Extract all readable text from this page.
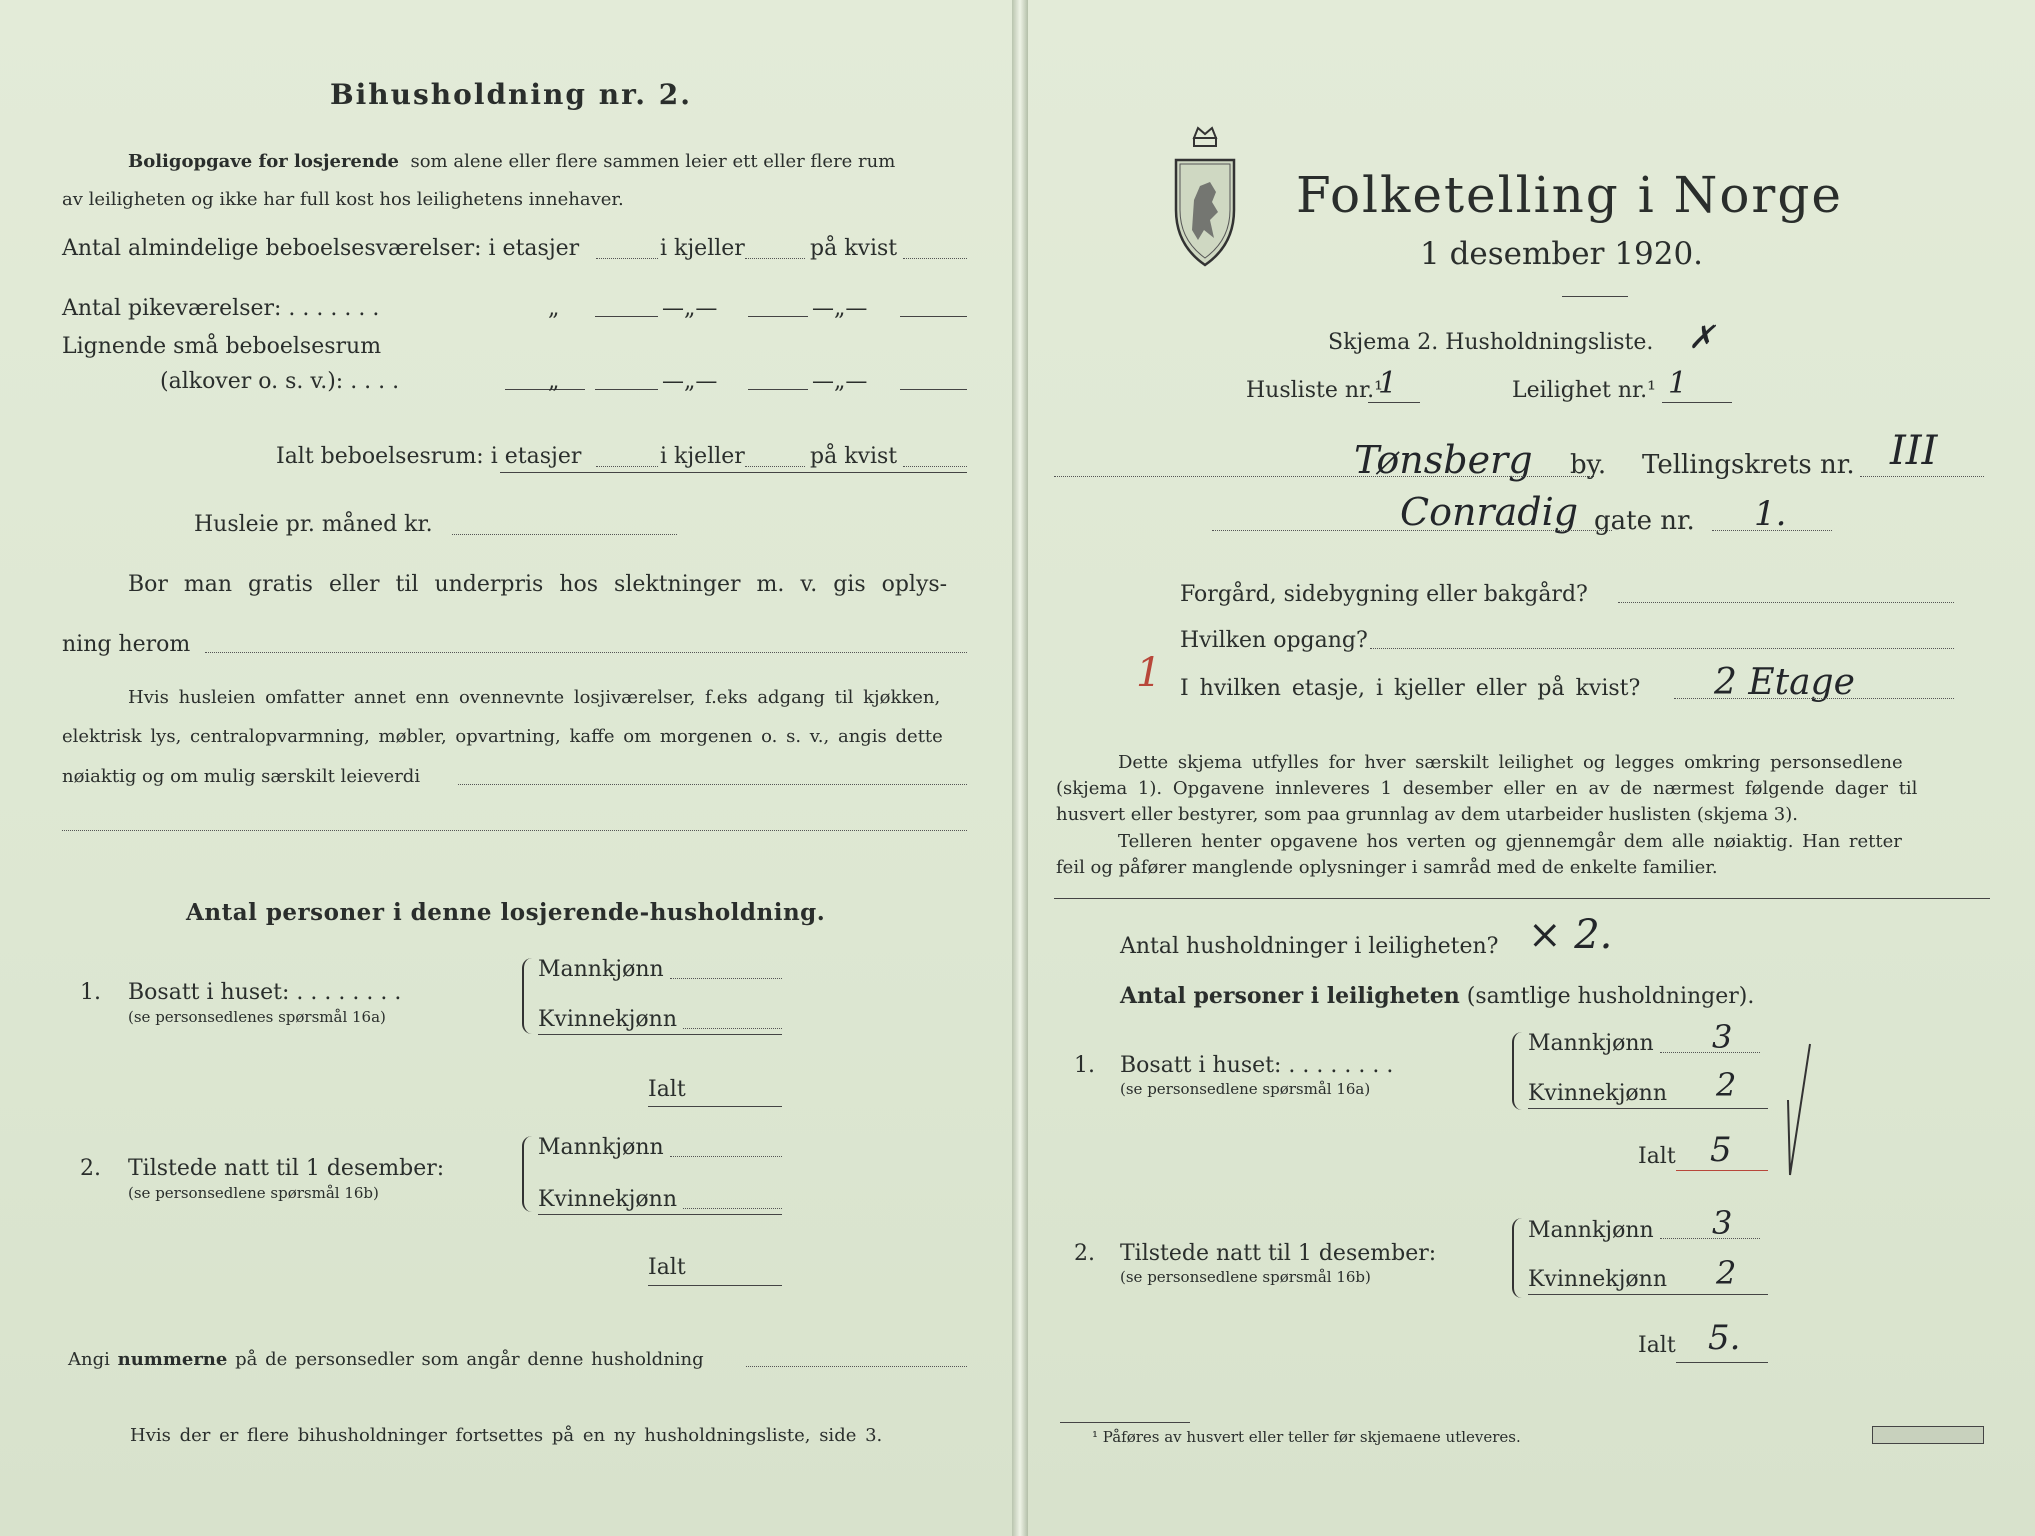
Bihusholdning nr. 2.
Boligopgave for losjerende som alene eller flere sammen leier ett eller flere rum
av leiligheten og ikke har full kost hos leilighetens innehaver.
Antal almindelige beboelsesværelser: i etasjer	i kjeller	på kvist
Antal pikeværelser: . . . . . . .	„	—„—	—„—
Lignende små beboelsesrum
(alkover o. s. v.): . . . .	„	—„—	—„—
Ialt beboelsesrum: i etasjer	i kjeller	på kvist
Husleie pr. måned kr.
Bor man gratis eller til underpris hos slektninger m. v. gis oplys-
ning herom
Hvis husleien omfatter annet enn ovennevnte losjiværelser, f.eks adgang til kjøkken,
elektrisk lys, centralopvarmning, møbler, opvartning, kaffe om morgenen o. s. v., angis dette
nøiaktig og om mulig særskilt leieverdi
Antal personer i denne losjerende-husholdning.
1. Bosatt i huset: . . . . . . . .
(se personsedlenes spørsmål 16a)
Mannkjønn
Kvinnekjønn
Ialt
2. Tilstede natt til 1 desember:
(se personsedlene spørsmål 16b)
Mannkjønn
Kvinnekjønn
Ialt
Angi nummerne på de personsedler som angår denne husholdning
Hvis der er flere bihusholdninger fortsettes på en ny husholdningsliste, side 3.
Folketelling i Norge
1 desember 1920.
Skjema 2. Husholdningsliste. ✗
Husliste nr.¹
1	Leilighet nr.¹ 1
Tønsberg by. Tellingskrets nr. III
Conradig gate nr. 1.
Forgård, sidebygning eller bakgård?
Hvilken opgang?
1 I hvilken etasje, i kjeller eller på kvist? 2 Etage
Dette skjema utfylles for hver særskilt leilighet og legges omkring personsedlene
(skjema 1). Opgavene innleveres 1 desember eller en av de nærmest følgende dager til
husvert eller bestyrer, som paa grunnlag av dem utarbeider huslisten (skjema 3).
Telleren henter opgavene hos verten og gjennemgår dem alle nøiaktig. Han retter
feil og påfører manglende oplysninger i samråd med de enkelte familier.
Antal husholdninger i leiligheten? × 2.
Antal personer i leiligheten (samtlige husholdninger).
1. Bosatt i huset: . . . . . . . .
(se personsedlene spørsmål 16a)
Mannkjønn 3
Kvinnekjønn 2
Ialt 5
2. Tilstede natt til 1 desember:
(se personsedlene spørsmål 16b)
Mannkjønn 3
Kvinnekjønn 2
Ialt 5.
¹ Påføres av husvert eller teller før skjemaene utleveres.
